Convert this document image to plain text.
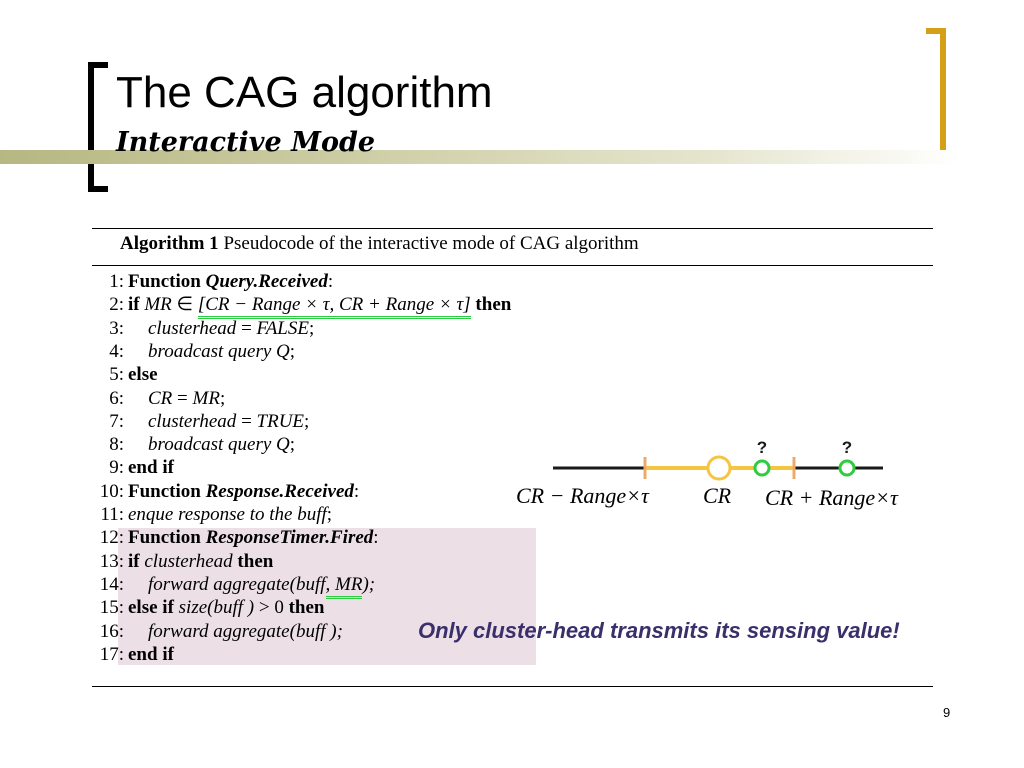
The CAG algorithm
Interactive Mode
Algorithm 1 Pseudocode of the interactive mode of CAG algorithm
1: Function Query.Received:
2: if MR ∈ [CR − Range × τ, CR + Range × τ] then
3: clusterhead = FALSE;
4: broadcast query Q;
5: else
6: CR = MR;
7: clusterhead = TRUE;
8: broadcast query Q;
9: end if
10: Function Response.Received:
11: enque response to the buff;
12: Function ResponseTimer.Fired:
13: if clusterhead then
14: forward aggregate(buff, MR);
15: else if size(buff ) > 0 then
16: forward aggregate(buff );
17: end if
?	?
CR − Range×τ CR CR + Range×τ
Only cluster-head transmits its sensing value!
9
